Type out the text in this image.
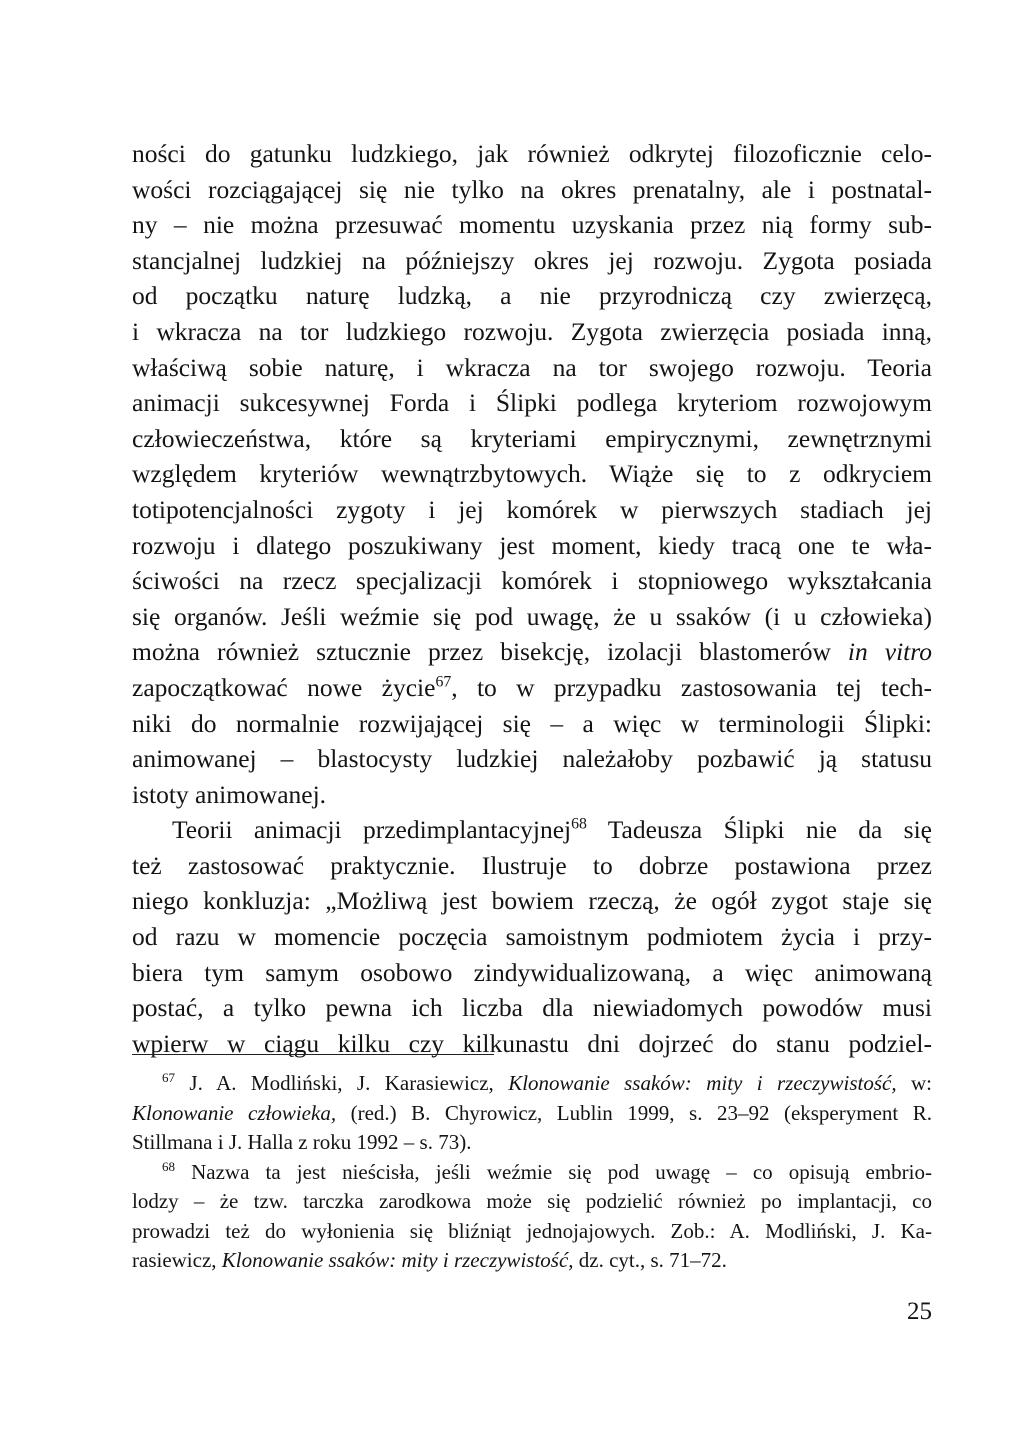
ności do gatunku ludzkiego, jak również odkrytej filozoficznie celo-
wości rozciągającej się nie tylko na okres prenatalny, ale i postnatal-
ny – nie można przesuwać momentu uzyskania przez nią formy sub-
stancjalnej ludzkiej na późniejszy okres jej rozwoju. Zygota posiada
od początku naturę ludzką, a nie przyrodniczą czy zwierzęcą,
i wkracza na tor ludzkiego rozwoju. Zygota zwierzęcia posiada inną,
właściwą sobie naturę, i wkracza na tor swojego rozwoju. Teoria
animacji sukcesywnej Forda i Ślipki podlega kryteriom rozwojowym
człowieczeństwa, które są kryteriami empirycznymi, zewnętrznymi
względem kryteriów wewnątrzbytowych. Wiąże się to z odkryciem
totipotencjalności zygoty i jej komórek w pierwszych stadiach jej
rozwoju i dlatego poszukiwany jest moment, kiedy tracą one te wła-
ściwości na rzecz specjalizacji komórek i stopniowego wykształcania
się organów. Jeśli weźmie się pod uwagę, że u ssaków (i u człowieka)
można również sztucznie przez bisekcję, izolacji blastomerów in vitro
zapoczątkować nowe życie$^{67}$, to w przypadku zastosowania tej tech-
niki do normalnie rozwijającej się – a więc w terminologii Ślipki:
animowanej – blastocysty ludzkiej należałoby pozbawić ją statusu
istoty animowanej.
Teorii animacji przedimplantacyjnej$^{68}$ Tadeusza Ślipki nie da się
też zastosować praktycznie. Ilustruje to dobrze postawiona przez
niego konkluzja: „Możliwą jest bowiem rzeczą, że ogół zygot staje się
od razu w momencie poczęcia samoistnym podmiotem życia i przy-
biera tym samym osobowo zindywidualizowaną, a więc animowaną
postać, a tylko pewna ich liczba dla niewiadomych powodów musi
wpierw w ciągu kilku czy kilkunastu dni dojrzeć do stanu podziel-
$^{67}$ J. A. Modliński, J. Karasiewicz, Klonowanie ssaków: mity i rzeczywistość, w:
Klonowanie człowieka, (red.) B. Chyrowicz, Lublin 1999, s. 23–92 (eksperyment R.
Stillmana i J. Halla z roku 1992 – s. 73).
$^{68}$ Nazwa ta jest nieścisła, jeśli weźmie się pod uwagę – co opisują embrio-
lodzy – że tzw. tarczka zarodkowa może się podzielić również po implantacji, co
prowadzi też do wyłonienia się bliźniąt jednojajowych. Zob.: A. Modliński, J. Ka-
rasiewicz, Klonowanie ssaków: mity i rzeczywistość, dz. cyt., s. 71–72.
25
